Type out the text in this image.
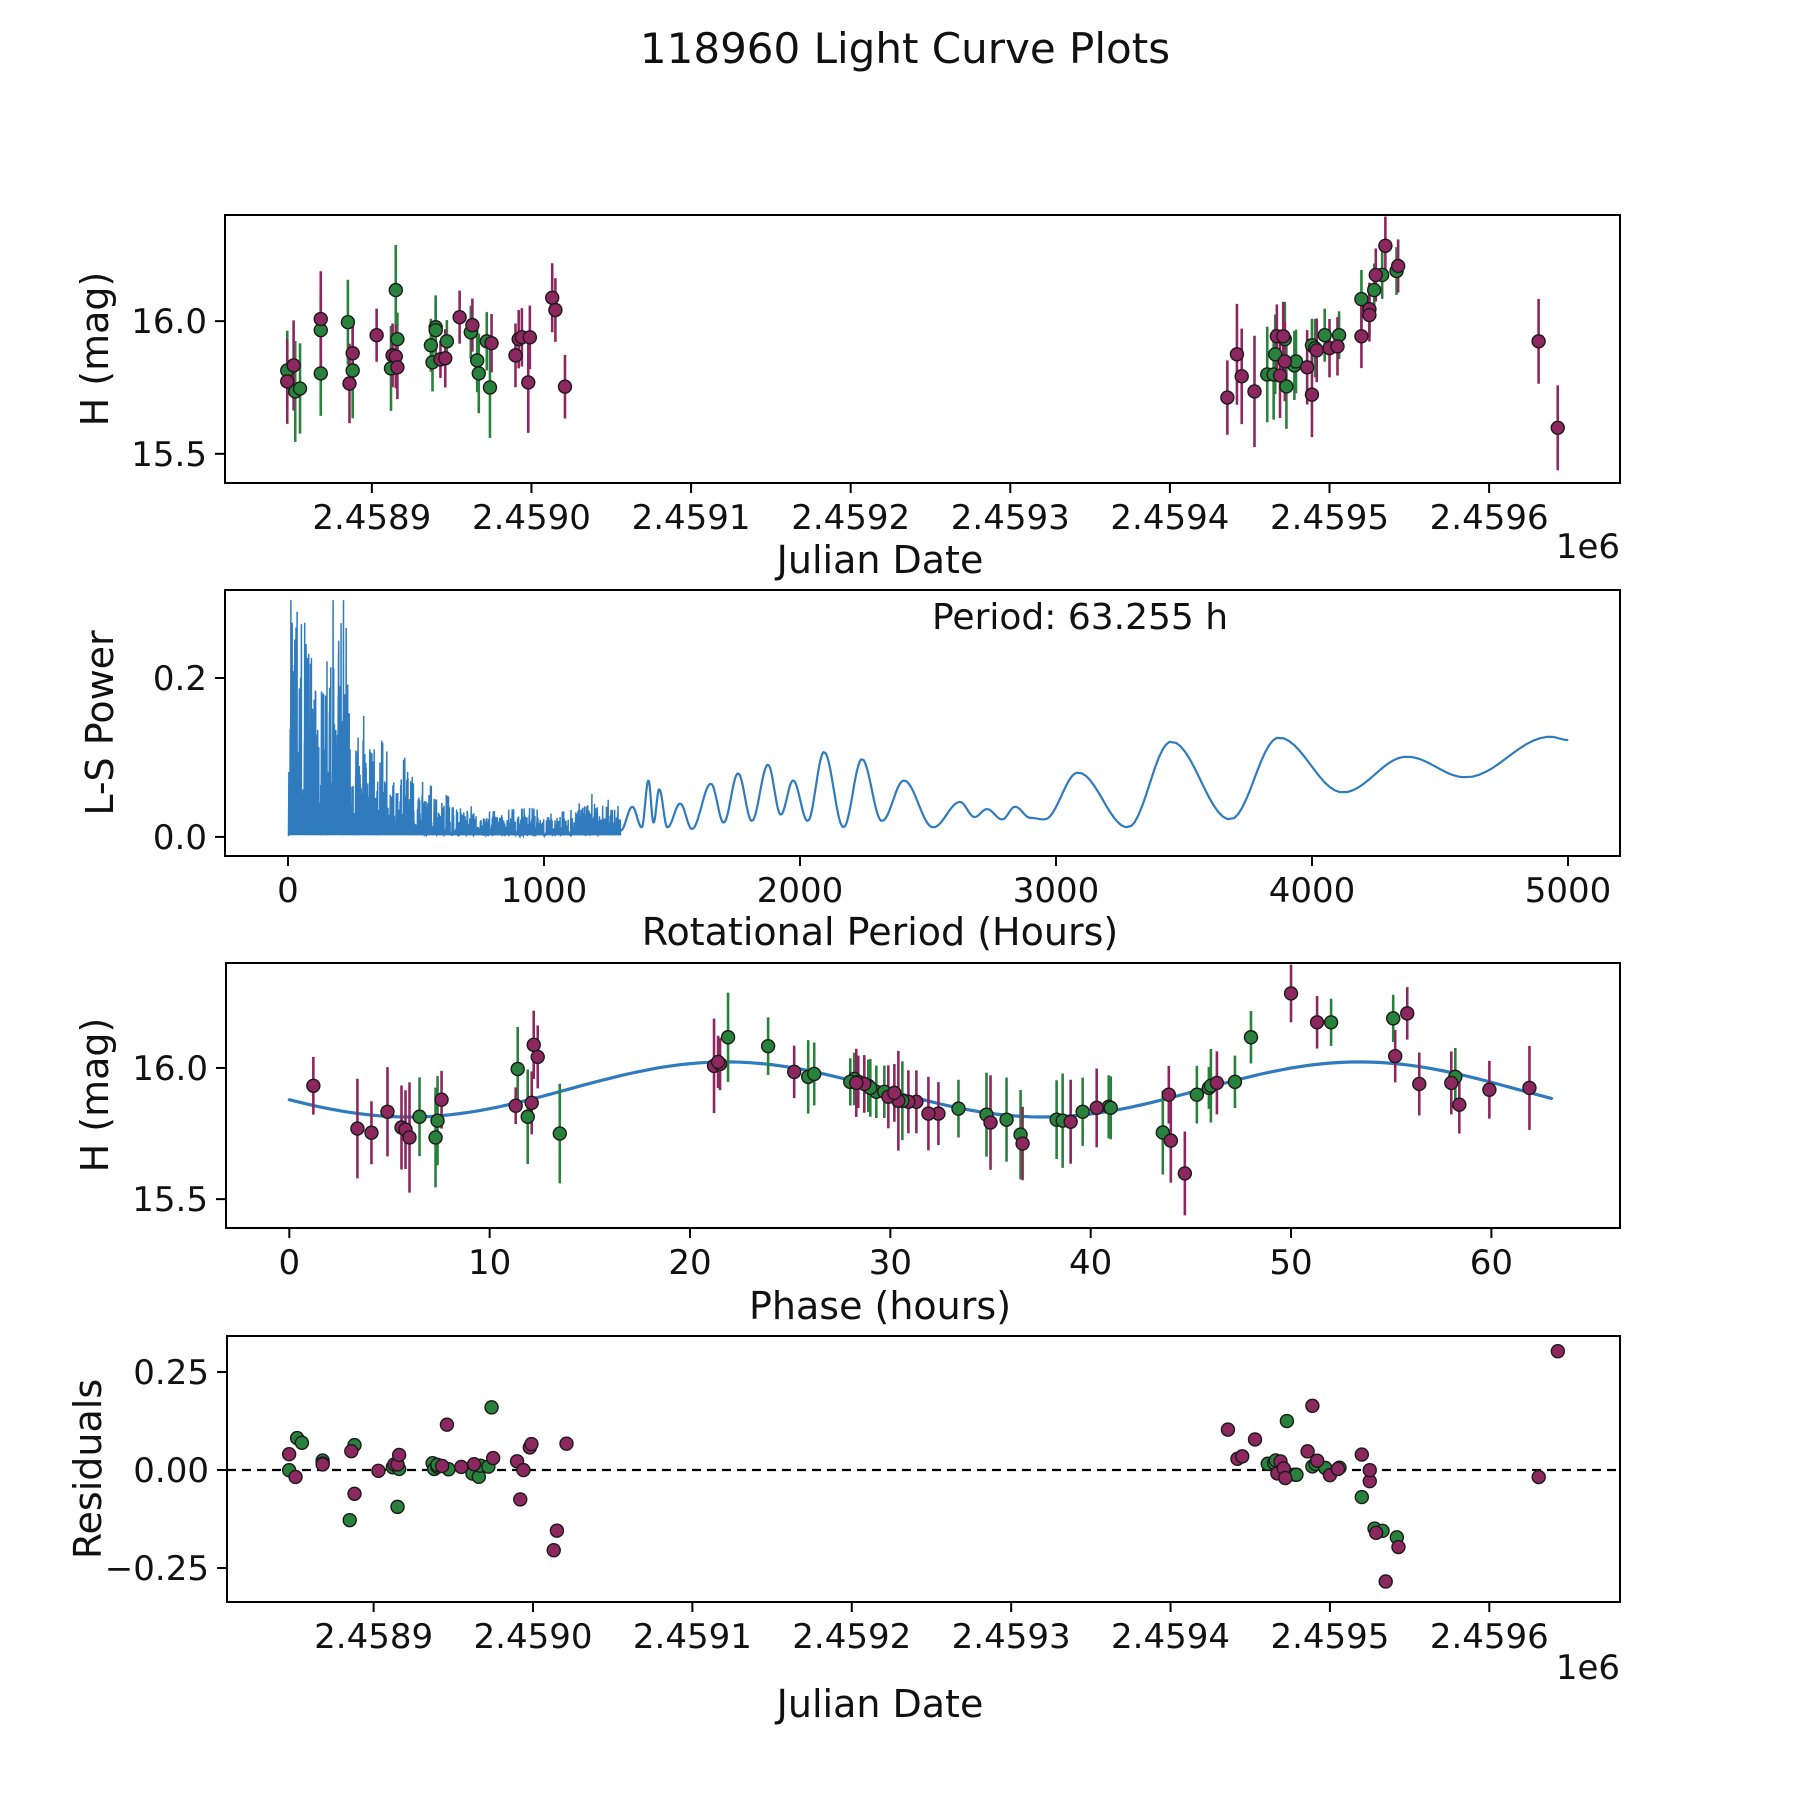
118960 Light Curve Plots
H (mag)
L-S Power
H (mag)
Residuals
Julian Date
Rotational Period (Hours)
Phase (hours)
Julian Date
1e6
1e6
Period: 63.255 h
2.4589 2.4590 2.4591 2.4592 2.4593 2.4594 2.4595 2.4596
16.0
15.5
0	1000	2000	3000	4000	5000
0.0
0.2
0	10	20	30	40	50	60
16.0
15.5
2.4589 2.4590 2.4591 2.4592 2.4593 2.4594 2.4595 2.4596
0.25
0.00
−0.25
